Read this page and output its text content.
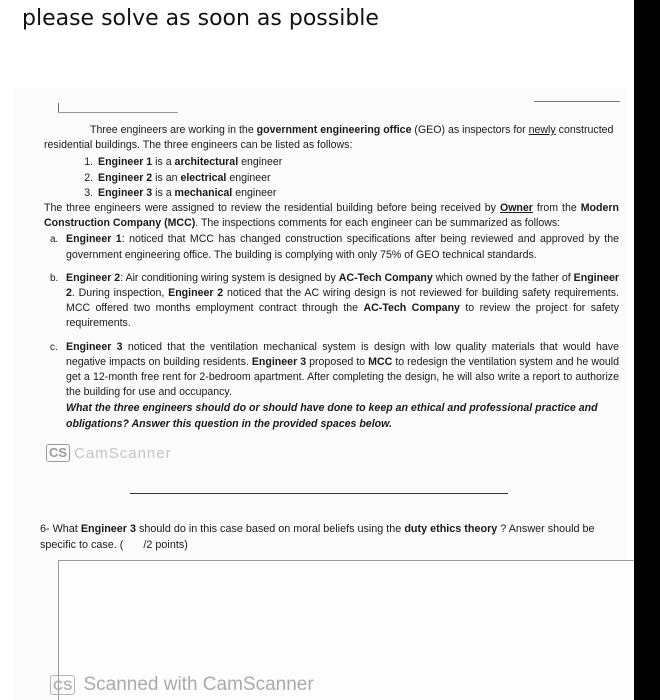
please solve as soon as possible

Three engineers are working in the government engineering office (GEO) as inspectors for newly constructed residential buildings. The three engineers can be listed as follows:

1. Engineer 1 is a architectural engineer
2. Engineer 2 is an electrical engineer
3. Engineer 3 is a mechanical engineer

The three engineers were assigned to review the residential building before being received by Owner from the Modern Construction Company (MCC). The inspections comments for each engineer can be summarized as follows:

a. Engineer 1: noticed that MCC has changed construction specifications after being reviewed and approved by the government engineering office. The building is complying with only 75% of GEO technical standards.
b. Engineer 2: Air conditioning wiring system is designed by AC-Tech Company which owned by the father of Engineer 2. During inspection, Engineer 2 noticed that the AC wiring design is not reviewed for building safety requirements. MCC offered two months employment contract through the AC-Tech Company to review the project for safety requirements.
c. Engineer 3 noticed that the ventilation mechanical system is design with low quality materials that would have negative impacts on building residents. Engineer 3 proposed to MCC to redesign the ventilation system and he would get a 12-month free rent for 2-bedroom apartment. After completing the design, he will also write a report to authorize the building for use and occupancy.
What the three engineers should do or should have done to keep an ethical and professional practice and obligations? Answer this question in the provided spaces below.
CS CamScanner
6- What Engineer 3 should do in this case based on moral beliefs using the duty ethics theory ? Answer should be specific to case. ( /2 points)
CS Scanned with CamScanner
